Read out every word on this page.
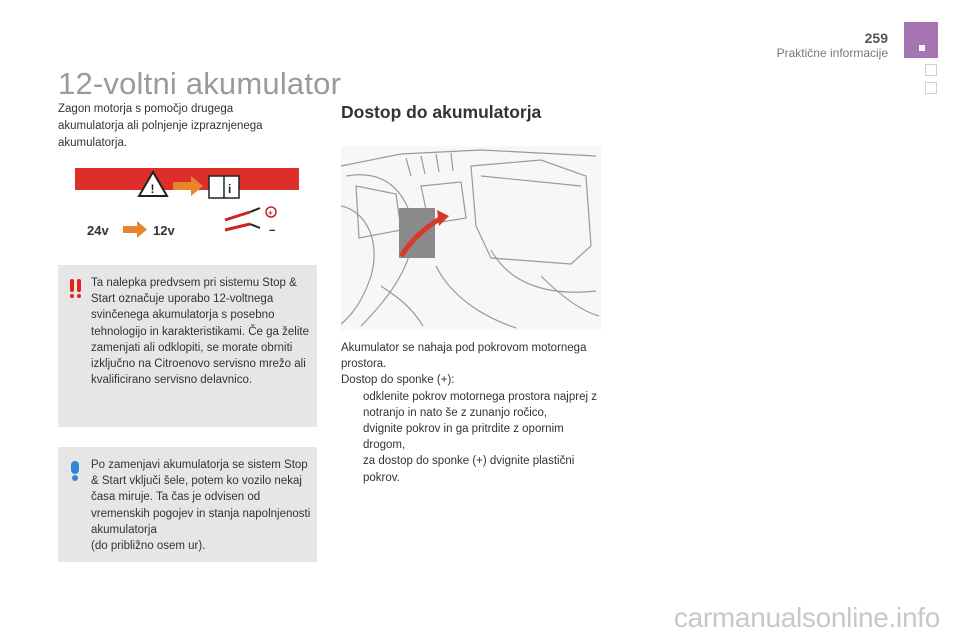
259
Praktične informacije
12-voltni akumulator
Zagon motorja s pomočjo drugega akumulatorja ali polnjenje izpraznjenega akumulatorja.
!	i
+
−
24v	12v
Ta nalepka predvsem pri sistemu Stop & Start označuje uporabo 12-voltnega svinčenega akumulatorja s posebno tehnologijo in karakteristikami. Če ga želite zamenjati ali odklopiti, se morate obrniti izključno na Citroenovo servisno mrežo ali kvalificirano servisno delavnico.
Po zamenjavi akumulatorja se sistem Stop & Start vključi šele, potem ko vozilo nekaj časa miruje. Ta čas je odvisen od vremenskih pogojev in stanja napolnjenosti akumulatorja
(do približno osem ur).
Dostop do akumulatorja
Akumulator se nahaja pod pokrovom motornega prostora.
Dostop do sponke (+):
odklenite pokrov motornega prostora najprej z notranjo in nato še z zunanjo ročico,
dvignite pokrov in ga pritrdite z opornim drogom,
za dostop do sponke (+) dvignite plastični pokrov.
carmanualsonline.info
